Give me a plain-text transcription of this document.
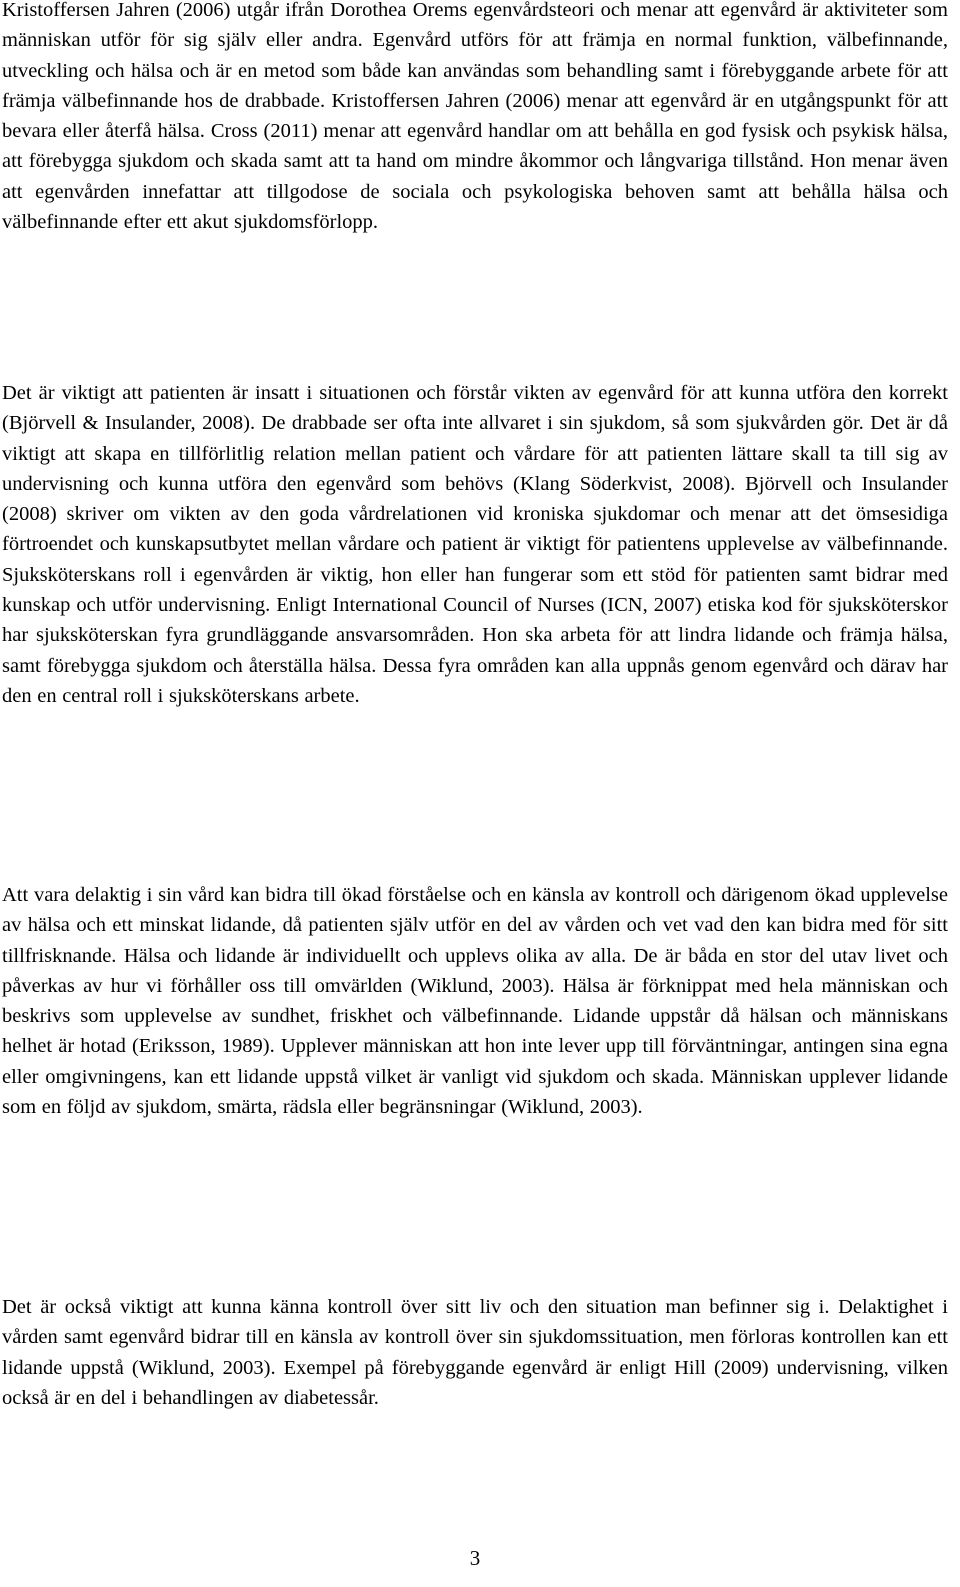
Kristoffersen Jahren (2006) utgår ifrån Dorothea Orems egenvårdsteori och menar att egenvård är aktiviteter som människan utför för sig själv eller andra. Egenvård utförs för att främja en normal funktion, välbefinnande, utveckling och hälsa och är en metod som både kan användas som behandling samt i förebyggande arbete för att främja välbefinnande hos de drabbade. Kristoffersen Jahren (2006) menar att egenvård är en utgångspunkt för att bevara eller återfå hälsa. Cross (2011) menar att egenvård handlar om att behålla en god fysisk och psykisk hälsa, att förebygga sjukdom och skada samt att ta hand om mindre åkommor och långvariga tillstånd. Hon menar även att egenvården innefattar att tillgodose de sociala och psykologiska behoven samt att behålla hälsa och välbefinnande efter ett akut sjukdomsförlopp.

Det är viktigt att patienten är insatt i situationen och förstår vikten av egenvård för att kunna utföra den korrekt (Björvell & Insulander, 2008). De drabbade ser ofta inte allvaret i sin sjukdom, så som sjukvården gör. Det är då viktigt att skapa en tillförlitlig relation mellan patient och vårdare för att patienten lättare skall ta till sig av undervisning och kunna utföra den egenvård som behövs (Klang Söderkvist, 2008). Björvell och Insulander (2008) skriver om vikten av den goda vårdrelationen vid kroniska sjukdomar och menar att det ömsesidiga förtroendet och kunskapsutbytet mellan vårdare och patient är viktigt för patientens upplevelse av välbefinnande. Sjuksköterskans roll i egenvården är viktig, hon eller han fungerar som ett stöd för patienten samt bidrar med kunskap och utför undervisning. Enligt International Council of Nurses (ICN, 2007) etiska kod för sjuksköterskor har sjuksköterskan fyra grundläggande ansvarsområden. Hon ska arbeta för att lindra lidande och främja hälsa, samt förebygga sjukdom och återställa hälsa. Dessa fyra områden kan alla uppnås genom egenvård och därav har den en central roll i sjuksköterskans arbete.

Att vara delaktig i sin vård kan bidra till ökad förståelse och en känsla av kontroll och därigenom ökad upplevelse av hälsa och ett minskat lidande, då patienten själv utför en del av vården och vet vad den kan bidra med för sitt tillfrisknande. Hälsa och lidande är individuellt och upplevs olika av alla. De är båda en stor del utav livet och påverkas av hur vi förhåller oss till omvärlden (Wiklund, 2003). Hälsa är förknippat med hela människan och beskrivs som upplevelse av sundhet, friskhet och välbefinnande. Lidande uppstår då hälsan och människans helhet är hotad (Eriksson, 1989). Upplever människan att hon inte lever upp till förväntningar, antingen sina egna eller omgivningens, kan ett lidande uppstå vilket är vanligt vid sjukdom och skada. Människan upplever lidande som en följd av sjukdom, smärta, rädsla eller begränsningar (Wiklund, 2003).

Det är också viktigt att kunna känna kontroll över sitt liv och den situation man befinner sig i. Delaktighet i vården samt egenvård bidrar till en känsla av kontroll över sin sjukdomssituation, men förloras kontrollen kan ett lidande uppstå (Wiklund, 2003). Exempel på förebyggande egenvård är enligt Hill (2009) undervisning, vilken också är en del i behandlingen av diabetessår.

3
